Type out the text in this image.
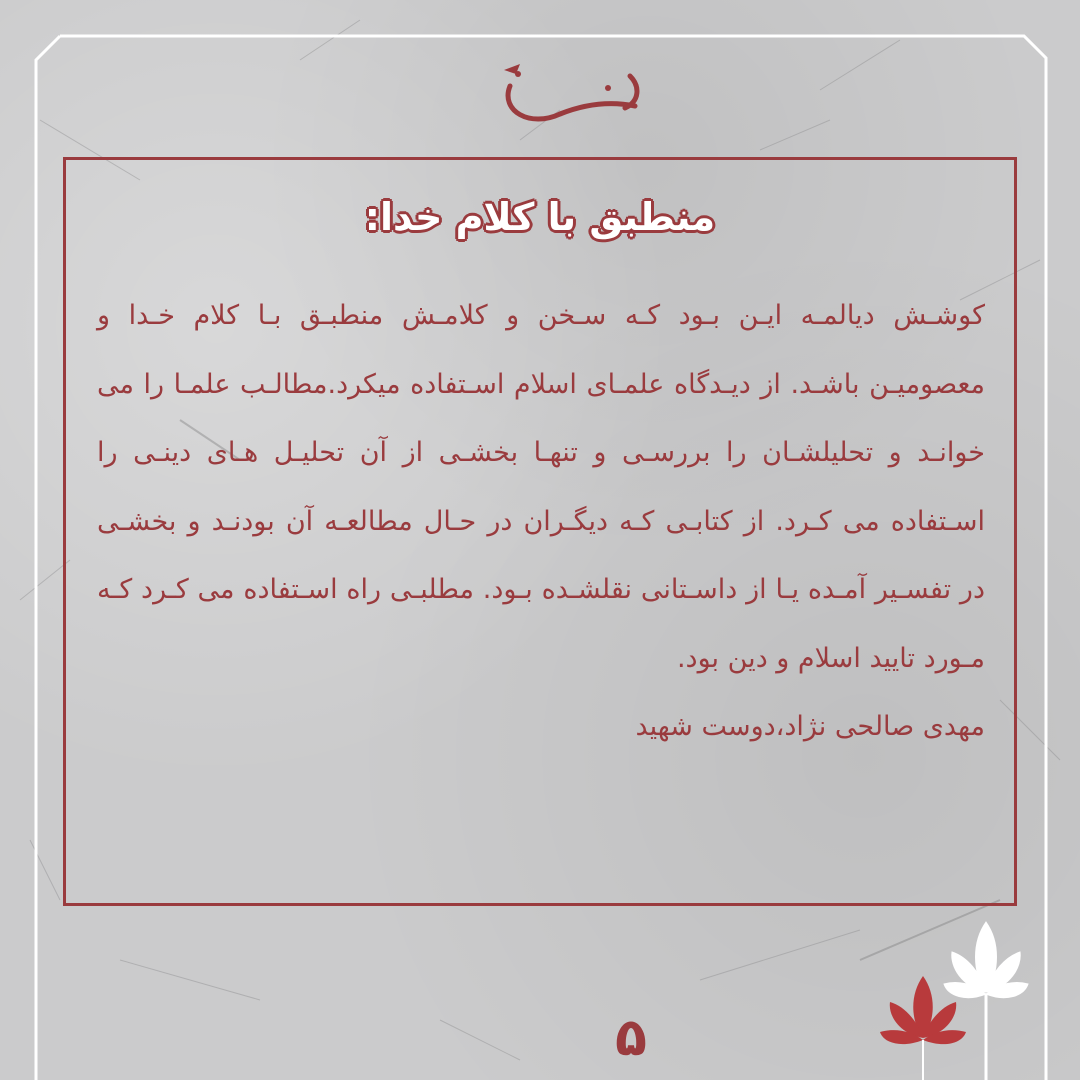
منطبق با کلام خدا:

کوشـش دیالمـه ایـن بـود کـه سـخن و کلامـش منطبـق بـا کلام خـدا و معصومیـن باشـد. از دیـدگاه علمـای اسلام اسـتفاده میکرد.مطالـب علمـا را می خوانـد و تحلیلشـان را بررسـی و تنهـا بخشـی از آن تحلیـل هـای دینـی را اسـتفاده می کـرد. از کتابـی کـه دیگـران در حـال مطالعـه آن بودنـد و بخشـی در تفسـیر آمـده یـا از داسـتانی نقلشـده بـود. مطلبـی راه اسـتفاده می کـرد کـه مـورد تایید اسلام و دین بود.

مهدی صالحی نژاد،دوست شهید

۵
